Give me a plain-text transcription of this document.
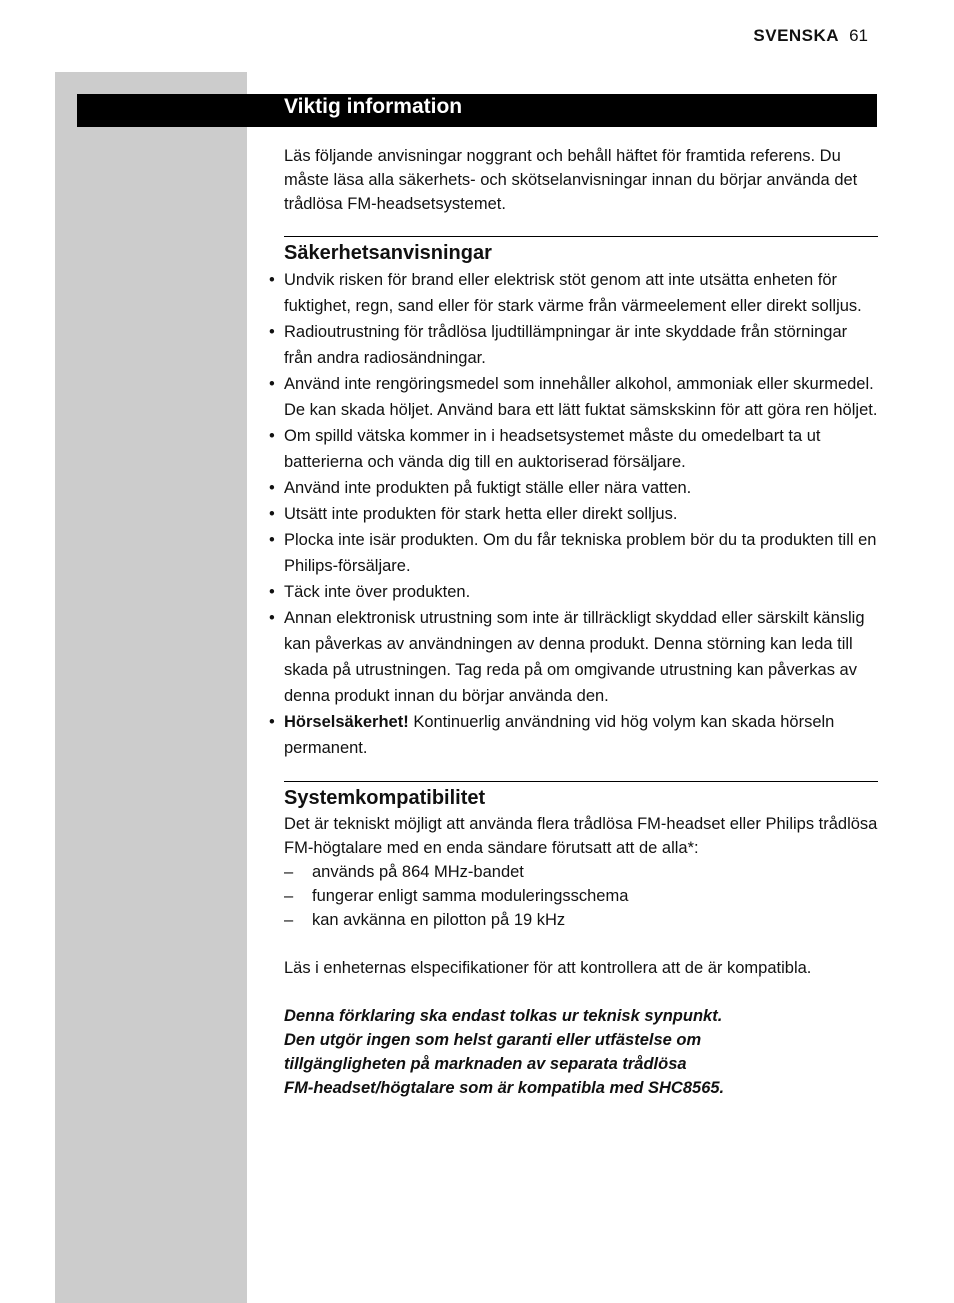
SVENSKA 61
Viktig information

Läs följande anvisningar noggrant och behåll häftet för framtida referens. Du måste läsa alla säkerhets- och skötselanvisningar innan du börjar använda det trådlösa FM-headsetsystemet.

Säkerhetsanvisningar
• Undvik risken för brand eller elektrisk stöt genom att inte utsätta enheten för fuktighet, regn, sand eller för stark värme från värmeelement eller direkt solljus.
• Radioutrustning för trådlösa ljudtillämpningar är inte skyddade från störningar från andra radiosändningar.
• Använd inte rengöringsmedel som innehåller alkohol, ammoniak eller skurmedel. De kan skada höljet. Använd bara ett lätt fuktat sämskskinn för att göra ren höljet.
• Om spilld vätska kommer in i headsetsystemet måste du omedelbart ta ut batterierna och vända dig till en auktoriserad försäljare.
• Använd inte produkten på fuktigt ställe eller nära vatten.
• Utsätt inte produkten för stark hetta eller direkt solljus.
• Plocka inte isär produkten. Om du får tekniska problem bör du ta produkten till en Philips-försäljare.
• Täck inte över produkten.
• Annan elektronisk utrustning som inte är tillräckligt skyddad eller särskilt känslig kan påverkas av användningen av denna produkt. Denna störning kan leda till skada på utrustningen. Tag reda på om omgivande utrustning kan påverkas av denna produkt innan du börjar använda den.
• Hörselsäkerhet! Kontinuerlig användning vid hög volym kan skada hörseln permanent.
Systemkompatibilitet

Det är tekniskt möjligt att använda flera trådlösa FM-headset eller Philips trådlösa FM-högtalare med en enda sändare förutsatt att de alla*:

– används på 864 MHz-bandet
– fungerar enligt samma moduleringsschema
– kan avkänna en pilotton på 19 kHz

Läs i enheternas elspecifikationer för att kontrollera att de är kompatibla.

Denna förklaring ska endast tolkas ur teknisk synpunkt.
Den utgör ingen som helst garanti eller utfästelse om
tillgängligheten på marknaden av separata trådlösa
FM-headset/högtalare som är kompatibla med SHC8565.
